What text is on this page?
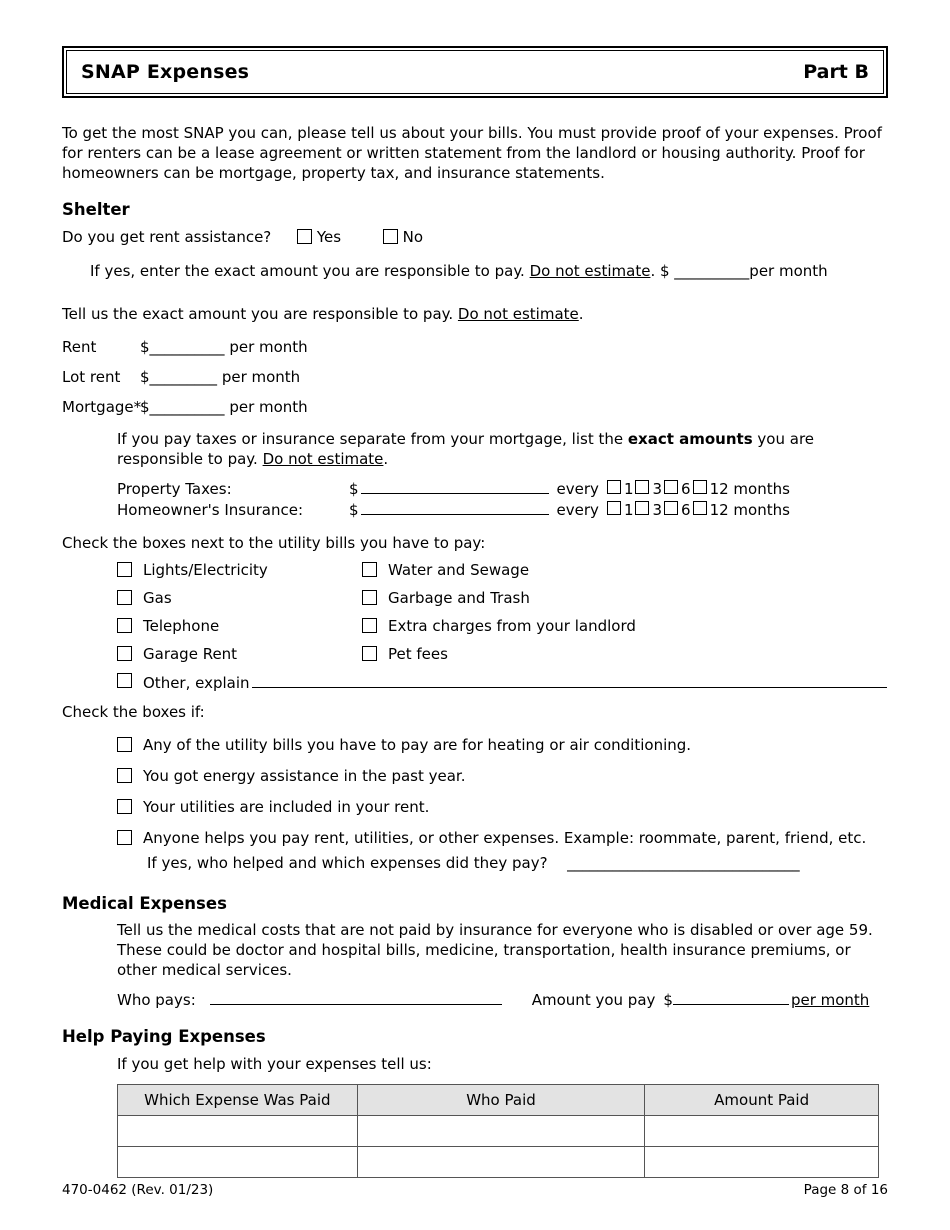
SNAP Expenses	Part B
To get the most SNAP you can, please tell us about your bills. You must provide proof of your expenses. Proof for renters can be a lease agreement or written statement from the landlord or housing authority. Proof for homeowners can be mortgage, property tax, and insurance statements.
Shelter
Do you get rent assistance?	Yes	No
If yes, enter the exact amount you are responsible to pay. Do not estimate. $ __________per month
Tell us the exact amount you are responsible to pay. Do not estimate.
Rent	$__________ per month
Lot rent $_________ per month
Mortgage*$__________ per month
If you pay taxes or insurance separate from your mortgage, list the exact amounts you are responsible to pay. Do not estimate.
Property Taxes:	$	every 1 3 6 12 months
Homeowner's Insurance:	$	every 1 3 6 12 months
Check the boxes next to the utility bills you have to pay:
Lights/Electricity	Water and Sewage
Gas	Garbage and Trash
Telephone	Extra charges from your landlord
Garage Rent	Pet fees
Other, explain
Check the boxes if:
Any of the utility bills you have to pay are for heating or air conditioning.
You got energy assistance in the past year.
Your utilities are included in your rent.
Anyone helps you pay rent, utilities, or other expenses. Example: roommate, parent, friend, etc.
If yes, who helped and which expenses did they pay? _______________________________
Medical Expenses
Tell us the medical costs that are not paid by insurance for everyone who is disabled or over age 59. These could be doctor and hospital bills, medicine, transportation, health insurance premiums, or other medical services.
Who pays:	Amount you pay $	per month
Help Paying Expenses
If you get help with your expenses tell us:
Which Expense Was Paid	Who Paid	Amount Paid

470-0462 (Rev. 01/23)	Page 8 of 16
